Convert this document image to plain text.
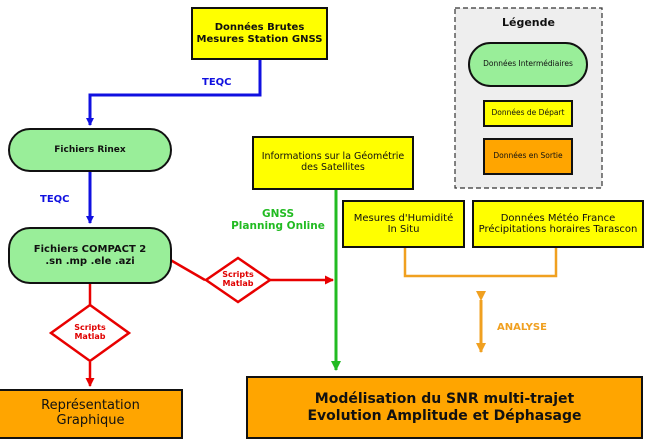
Données Brutes
Mesures Station GNSS
Fichiers Rinex
Fichiers COMPACT 2
.sn .mp .ele .azi
Informations sur la Géométrie
des Satellites
Mesures d'Humidité
In Situ
Données Météo France
Précipitations horaires Tarascon
Représentation
Graphique
Modélisation du SNR multi-trajet
Evolution Amplitude et Déphasage
TEQC
TEQC
GNSS
Planning Online
ANALYSE
Scripts
Matlab
Scripts
Matlab
Légende
Données Intermédiaires
Données de Départ
Données en Sortie
